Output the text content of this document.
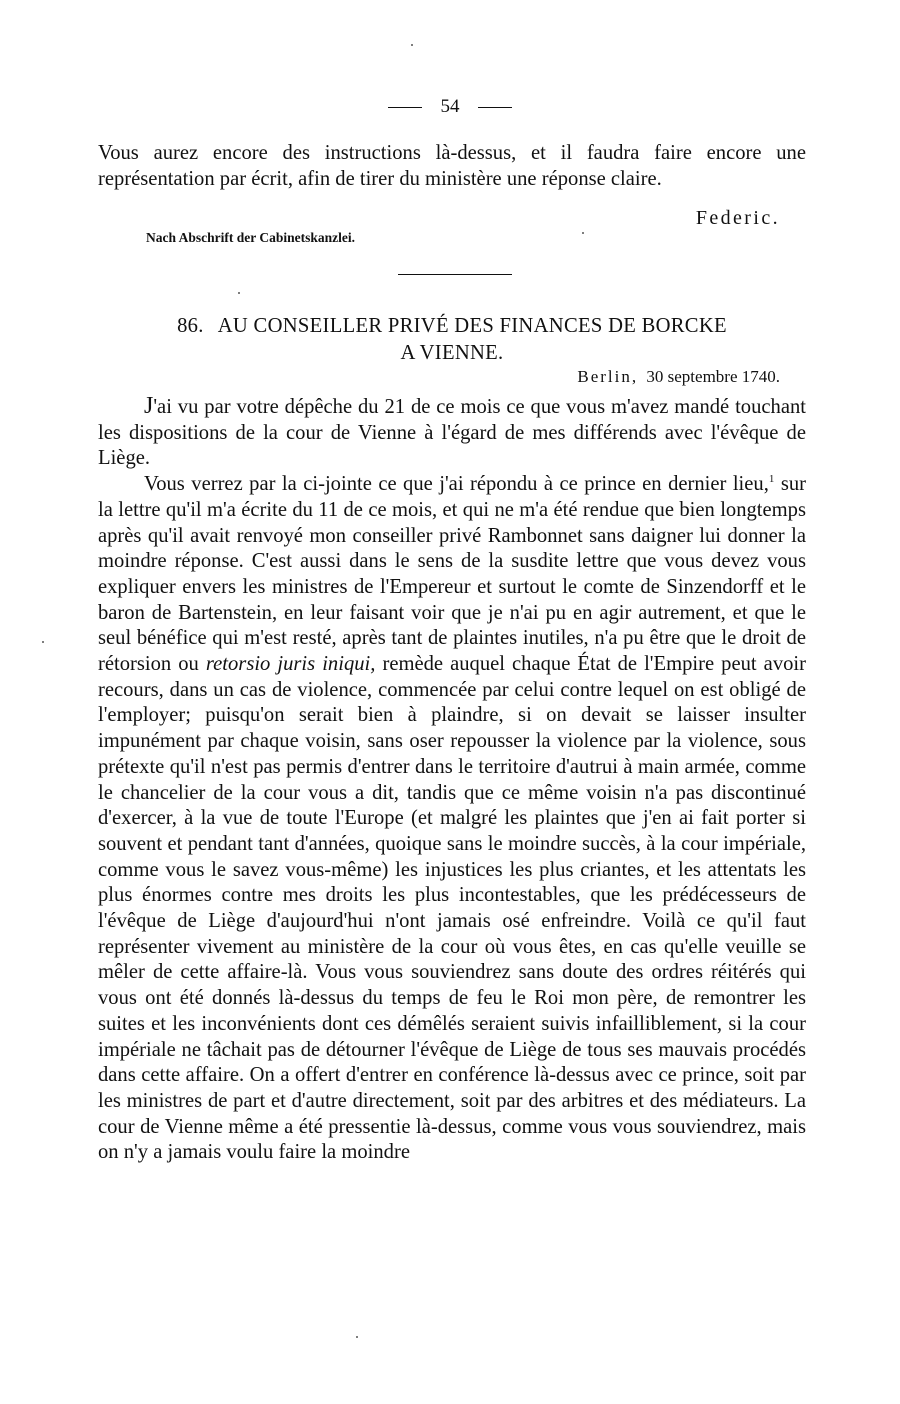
54

Vous aurez encore des instructions là-dessus, et il faudra faire encore une représentation par écrit, afin de tirer du ministère une réponse claire.

Federic.
Nach Abschrift der Cabinetskanzlei.
86. AU CONSEILLER PRIVÉ DES FINANCES DE BORCKE
A VIENNE.
Berlin, 30 septembre 1740.

J'ai vu par votre dépêche du 21 de ce mois ce que vous m'avez mandé touchant les dispositions de la cour de Vienne à l'égard de mes différends avec l'évêque de Liège.

Vous verrez par la ci-jointe ce que j'ai répondu à ce prince en dernier lieu,$^1$ sur la lettre qu'il m'a écrite du 11 de ce mois, et qui ne m'a été rendue que bien longtemps après qu'il avait renvoyé mon conseiller privé Rambonnet sans daigner lui donner la moindre réponse. C'est aussi dans le sens de la susdite lettre que vous devez vous expliquer envers les ministres de l'Empereur et surtout le comte de Sinzendorff et le baron de Bartenstein, en leur faisant voir que je n'ai pu en agir autrement, et que le seul bénéfice qui m'est resté, après tant de plaintes inutiles, n'a pu être que le droit de rétorsion ou retorsio juris iniqui, remède auquel chaque État de l'Empire peut avoir recours, dans un cas de violence, commencée par celui contre lequel on est obligé de l'employer; puisqu'on serait bien à plaindre, si on devait se laisser insulter impunément par chaque voisin, sans oser repousser la violence par la violence, sous prétexte qu'il n'est pas permis d'entrer dans le territoire d'autrui à main armée, comme le chancelier de la cour vous a dit, tandis que ce même voisin n'a pas discontinué d'exercer, à la vue de toute l'Europe (et malgré les plaintes que j'en ai fait porter si souvent et pendant tant d'années, quoique sans le moindre succès, à la cour impériale, comme vous le savez vous-même) les injustices les plus criantes, et les attentats les plus énormes contre mes droits les plus incontestables, que les prédécesseurs de l'évêque de Liège d'aujourd'hui n'ont jamais osé enfreindre. Voilà ce qu'il faut représenter vivement au ministère de la cour où vous êtes, en cas qu'elle veuille se mêler de cette affaire-là. Vous vous souviendrez sans doute des ordres réitérés qui vous ont été donnés là-dessus du temps de feu le Roi mon père, de remontrer les suites et les inconvénients dont ces démêlés seraient suivis infailliblement, si la cour impériale ne tâchait pas de détourner l'évêque de Liège de tous ses mauvais procédés dans cette affaire. On a offert d'entrer en conférence là-dessus avec ce prince, soit par les ministres de part et d'autre directement, soit par des arbitres et des médiateurs. La cour de Vienne même a été pressentie là-dessus, comme vous vous souviendrez, mais on n'y a jamais voulu faire la moindre
